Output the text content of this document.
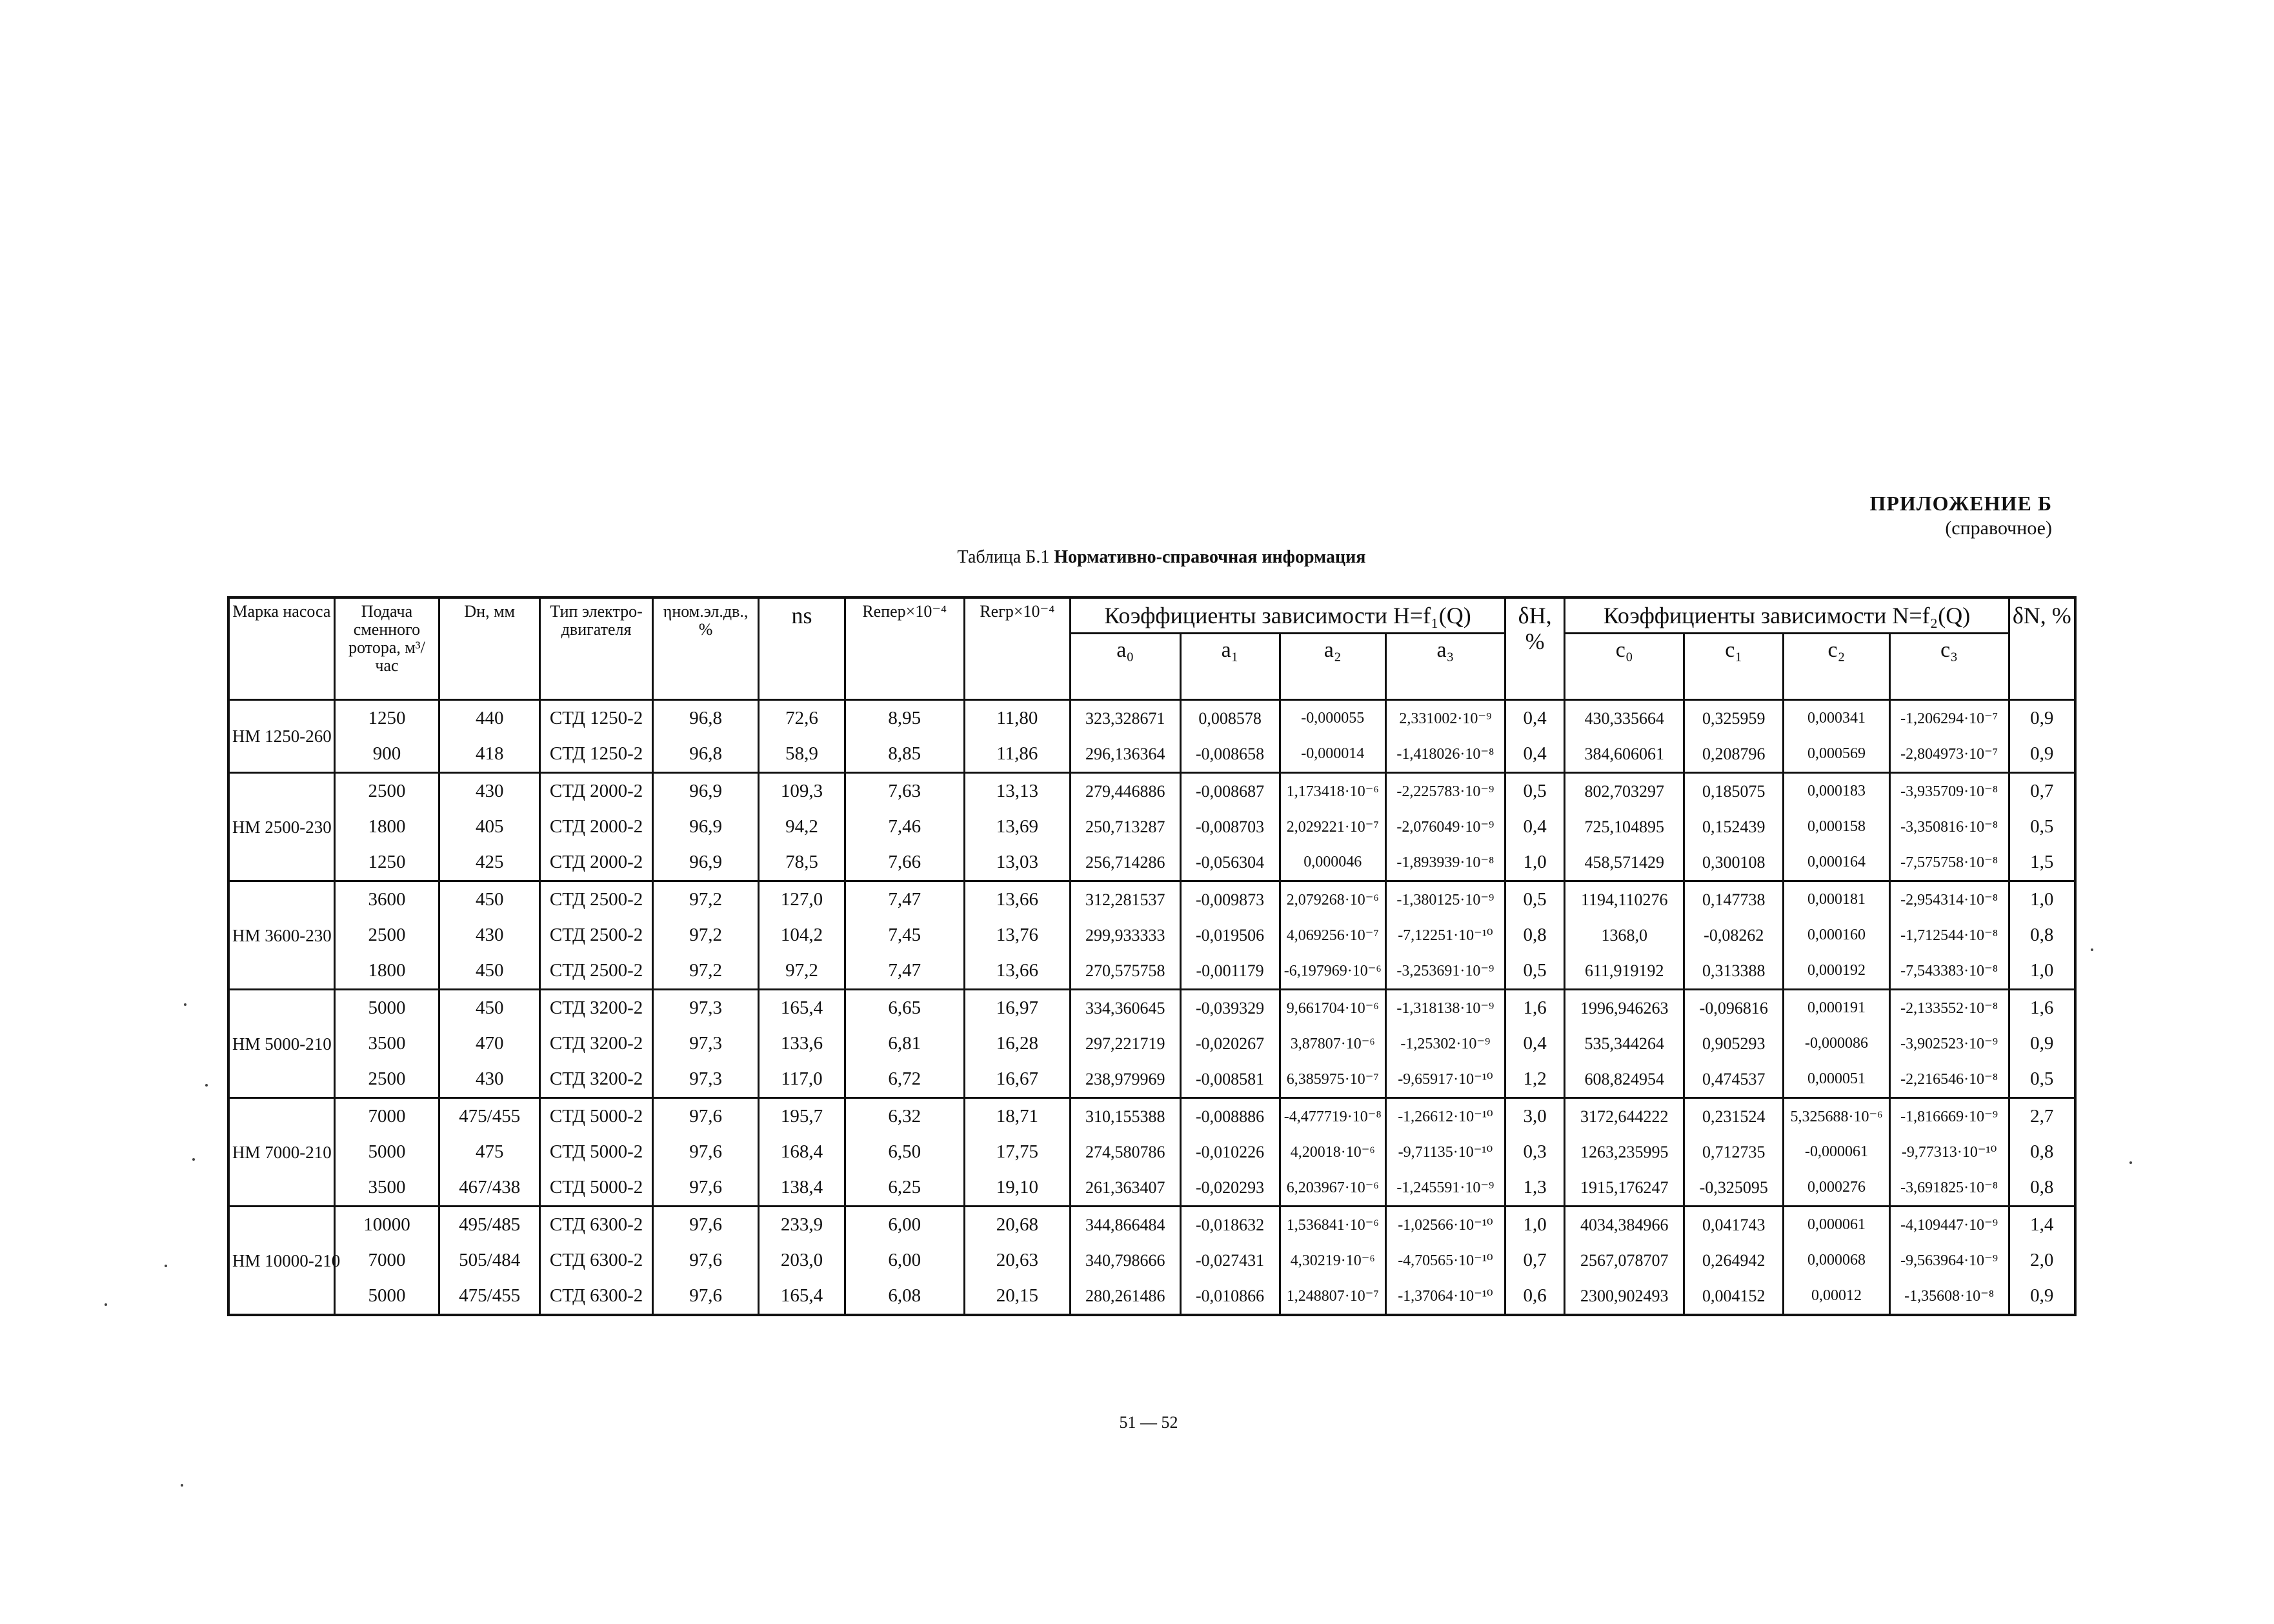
ПРИЛОЖЕНИЕ Б
(справочное)
Таблица Б.1 Нормативно-справочная информация
Марка насоса	Подача сменного ротора, м³/час	Dн, мм	Тип электро-двигателя	ηном.эл.дв., %	ns	Reпер×10⁻⁴	Reгр×10⁻⁴	Коэффициенты зависимости H=f₁(Q)				δH, %	Коэффициенты зависимости N=f₂(Q)				δN, %
								a₀	a₁	a₂	a₃		c₀	c₁	c₂	c₃	
НМ 1250-260	1250	440	СТД 1250-2	96,8	72,6	8,95	11,80	323,328671	0,008578	-0,000055	2,331002·10⁻⁹	0,4	430,335664	0,325959	0,000341	-1,206294·10⁻⁷	0,9
	900	418	СТД 1250-2	96,8	58,9	8,85	11,86	296,136364	-0,008658	-0,000014	-1,418026·10⁻⁸	0,4	384,606061	0,208796	0,000569	-2,804973·10⁻⁷	0,9
НМ 2500-230	2500	430	СТД 2000-2	96,9	109,3	7,63	13,13	279,446886	-0,008687	1,173418·10⁻⁶	-2,225783·10⁻⁹	0,5	802,703297	0,185075	0,000183	-3,935709·10⁻⁸	0,7
	1800	405	СТД 2000-2	96,9	94,2	7,46	13,69	250,713287	-0,008703	2,029221·10⁻⁷	-2,076049·10⁻⁹	0,4	725,104895	0,152439	0,000158	-3,350816·10⁻⁸	0,5
	1250	425	СТД 2000-2	96,9	78,5	7,66	13,03	256,714286	-0,056304	0,000046	-1,893939·10⁻⁸	1,0	458,571429	0,300108	0,000164	-7,575758·10⁻⁸	1,5
НМ 3600-230	3600	450	СТД 2500-2	97,2	127,0	7,47	13,66	312,281537	-0,009873	2,079268·10⁻⁶	-1,380125·10⁻⁹	0,5	1194,110276	0,147738	0,000181	-2,954314·10⁻⁸	1,0
	2500	430	СТД 2500-2	97,2	104,2	7,45	13,76	299,933333	-0,019506	4,069256·10⁻⁷	-7,12251·10⁻¹⁰	0,8	1368,0	-0,08262	0,000160	-1,712544·10⁻⁸	0,8
	1800	450	СТД 2500-2	97,2	97,2	7,47	13,66	270,575758	-0,001179	-6,197969·10⁻⁶	-3,253691·10⁻⁹	0,5	611,919192	0,313388	0,000192	-7,543383·10⁻⁸	1,0
НМ 5000-210	5000	450	СТД 3200-2	97,3	165,4	6,65	16,97	334,360645	-0,039329	9,661704·10⁻⁶	-1,318138·10⁻⁹	1,6	1996,946263	-0,096816	0,000191	-2,133552·10⁻⁸	1,6
	3500	470	СТД 3200-2	97,3	133,6	6,81	16,28	297,221719	-0,020267	3,87807·10⁻⁶	-1,25302·10⁻⁹	0,4	535,344264	0,905293	-0,000086	-3,902523·10⁻⁹	0,9
	2500	430	СТД 3200-2	97,3	117,0	6,72	16,67	238,979969	-0,008581	6,385975·10⁻⁷	-9,65917·10⁻¹⁰	1,2	608,824954	0,474537	0,000051	-2,216546·10⁻⁸	0,5
НМ 7000-210	7000	475/455	СТД 5000-2	97,6	195,7	6,32	18,71	310,155388	-0,008886	-4,477719·10⁻⁸	-1,26612·10⁻¹⁰	3,0	3172,644222	0,231524	5,325688·10⁻⁶	-1,816669·10⁻⁹	2,7
	5000	475	СТД 5000-2	97,6	168,4	6,50	17,75	274,580786	-0,010226	4,20018·10⁻⁶	-9,71135·10⁻¹⁰	0,3	1263,235995	0,712735	-0,000061	-9,77313·10⁻¹⁰	0,8
	3500	467/438	СТД 5000-2	97,6	138,4	6,25	19,10	261,363407	-0,020293	6,203967·10⁻⁶	-1,245591·10⁻⁹	1,3	1915,176247	-0,325095	0,000276	-3,691825·10⁻⁸	0,8
НМ 10000-210	10000	495/485	СТД 6300-2	97,6	233,9	6,00	20,68	344,866484	-0,018632	1,536841·10⁻⁶	-1,02566·10⁻¹⁰	1,0	4034,384966	0,041743	0,000061	-4,109447·10⁻⁹	1,4
	7000	505/484	СТД 6300-2	97,6	203,0	6,00	20,63	340,798666	-0,027431	4,30219·10⁻⁶	-4,70565·10⁻¹⁰	0,7	2567,078707	0,264942	0,000068	-9,563964·10⁻⁹	2,0
	5000	475/455	СТД 6300-2	97,6	165,4	6,08	20,15	280,261486	-0,010866	1,248807·10⁻⁷	-1,37064·10⁻¹⁰	0,6	2300,902493	0,004152	0,00012	-1,35608·10⁻⁸	0,9
51 — 52
